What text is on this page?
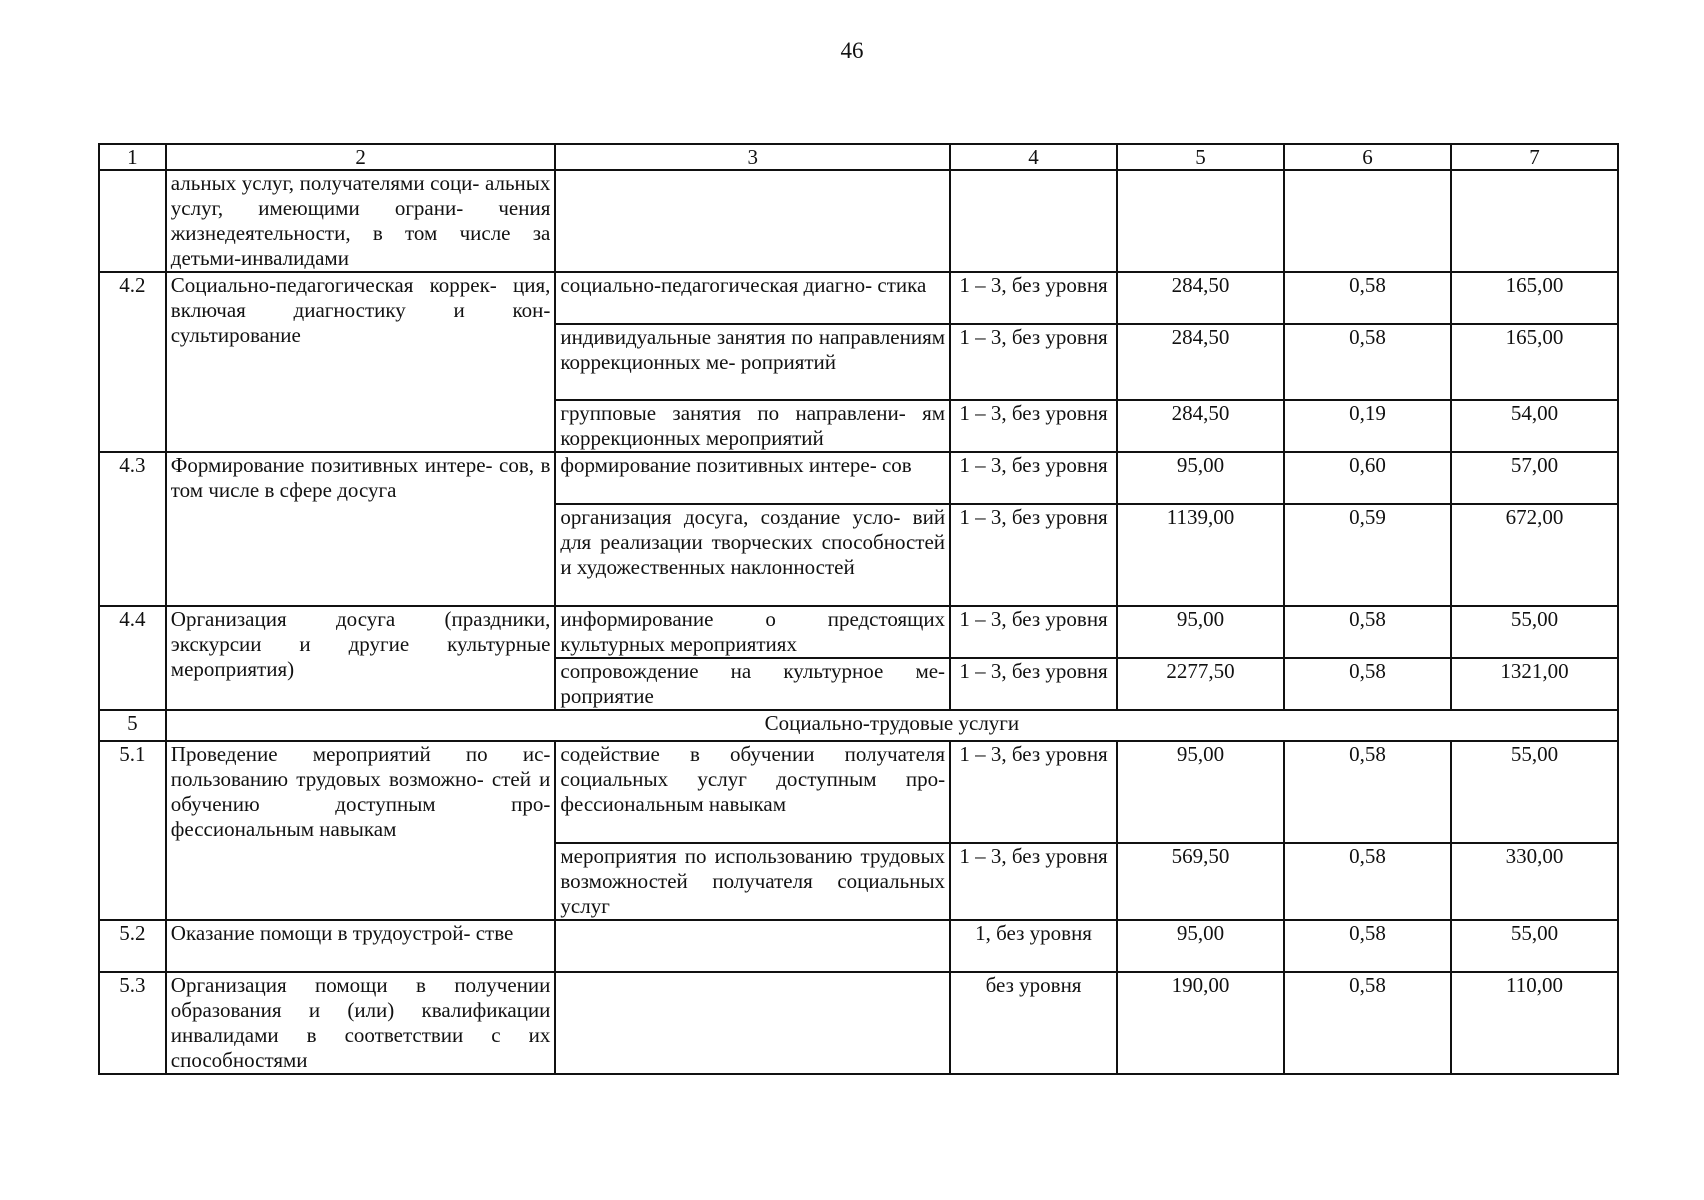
46
1	2	3	4	5	6	7
	альных услуг, получателями соци- альных услуг, имеющими ограни- чения жизнедеятельности, в том числе за детьми-инвалидами					
4.2	Социально-педагогическая коррек- ция, включая диагностику и кон- сультирование	социально-педагогическая диагно- стика	1 – 3, без уровня	284,50	0,58	165,00
		индивидуальные занятия по направлениям коррекционных ме- роприятий	1 – 3, без уровня	284,50	0,58	165,00
		групповые занятия по направлени- ям коррекционных мероприятий	1 – 3, без уровня	284,50	0,19	54,00
4.3	Формирование позитивных интере- сов, в том числе в сфере досуга	формирование позитивных интере- сов	1 – 3, без уровня	95,00	0,60	57,00
		организация досуга, создание усло- вий для реализации творческих способностей и художественных наклонностей	1 – 3, без уровня	1139,00	0,59	672,00
4.4	Организация досуга (праздники, экскурсии и другие культурные мероприятия)	информирование о предстоящих культурных мероприятиях	1 – 3, без уровня	95,00	0,58	55,00
		сопровождение на культурное ме- роприятие	1 – 3, без уровня	2277,50	0,58	1321,00
5	Социально-трудовые услуги					
5.1	Проведение мероприятий по ис- пользованию трудовых возможно- стей и обучению доступным про- фессиональным навыкам	содействие в обучении получателя социальных услуг доступным про- фессиональным навыкам	1 – 3, без уровня	95,00	0,58	55,00
		мероприятия по использованию трудовых возможностей получателя социальных услуг	1 – 3, без уровня	569,50	0,58	330,00
5.2	Оказание помощи в трудоустрой- стве		1, без уровня	95,00	0,58	55,00
5.3	Организация помощи в получении образования и (или) квалификации инвалидами в соответствии с их способностями		без уровня	190,00	0,58	110,00
